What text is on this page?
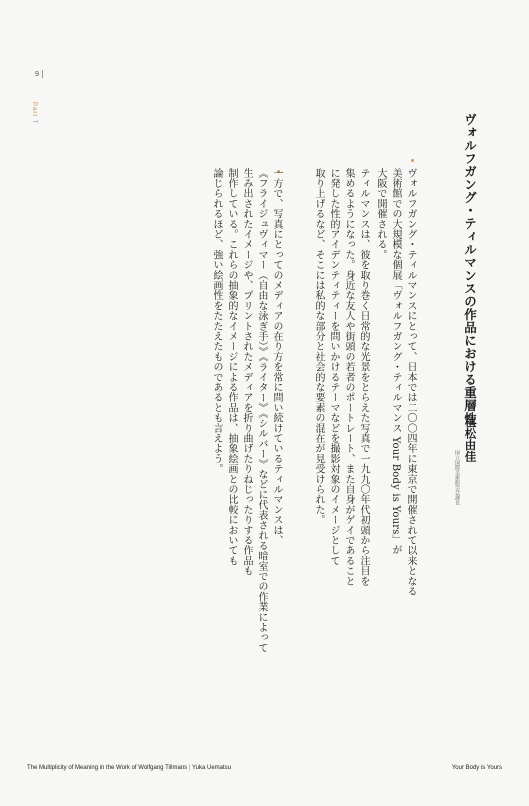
9
Part T	ヴォルフガング・ティルマンスの作品における重層性
植松由佳
国立国際美術館学芸課長
ヴォルフガング・ティルマンスにとって、日本では二〇〇四年に東京で開催されて以来となる
美術館での大規模な個展「ヴォルフガング・ティルマンス Your Body is Yours」が
大阪で開催される。
ティルマンスは、彼を取り巻く日常的な光景をとらえた写真で一九九〇年代初頭から注目を
集めるようになった。身近な友人や街頭の若者のポートレート、また自身がゲイであること
に発した性的アイデンティティーを問いかけるテーマなどを撮影対象のイメージとして
取り上げるなど、そこには私的な部分と社会的な要素の混在が見受けられた。
一方で、写真にとってのメディアの在り方を常に問い続けているティルマンスは、
《フライジュヴィマー（自由な泳ぎ手）》《ライター》《シルバー》などに代表される暗室での作業によって
生み出されたイメージや、プリントされたメディアを折り曲げたりねじったりする作品も
制作している。これらの抽象的なイメージによる作品は、抽象絵画との比較においても
論じられるほど、強い絵画性をたたえたものであるとも言えよう。
The Multiplicity of Meaning in the Work of Wolfgang Tillmans | Yuka Uematsu	Your Body is Yours
